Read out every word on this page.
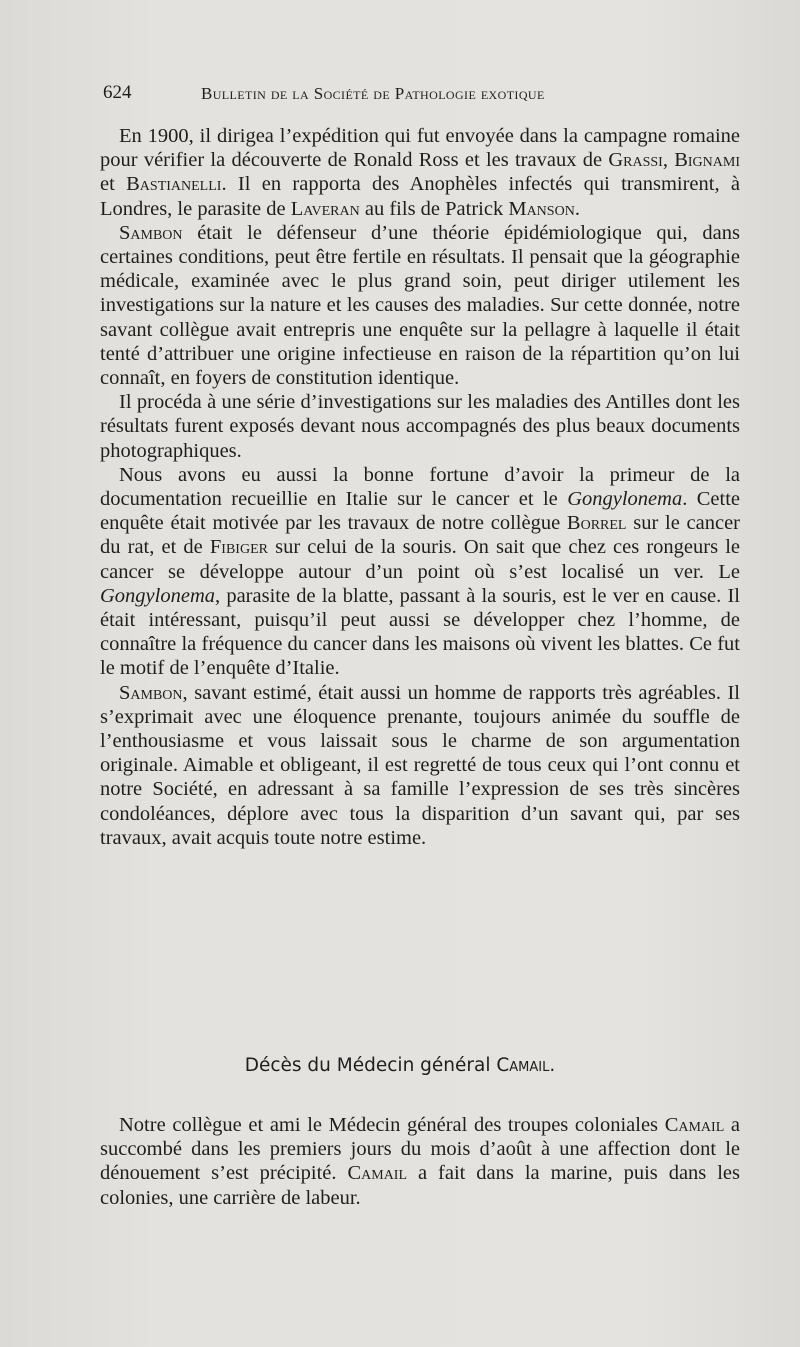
624	Bulletin de la Société de Pathologie exotique

En 1900, il dirigea l’expédition qui fut envoyée dans la campagne romaine pour vérifier la découverte de Ronald Ross et les travaux de Grassi, Bignami et Bastianelli. Il en rapporta des Anophèles infectés qui transmirent, à Londres, le parasite de Laveran au fils de Patrick Manson.

Sambon était le défenseur d’une théorie épidémiologique qui, dans certaines conditions, peut être fertile en résultats. Il pensait que la géographie médicale, examinée avec le plus grand soin, peut diriger utilement les investigations sur la nature et les causes des maladies. Sur cette donnée, notre savant collègue avait entrepris une enquête sur la pellagre à laquelle il était tenté d’attribuer une origine infectieuse en raison de la répartition qu’on lui connaît, en foyers de constitution identique.

Il procéda à une série d’investigations sur les maladies des Antilles dont les résultats furent exposés devant nous accompagnés des plus beaux documents photographiques.

Nous avons eu aussi la bonne fortune d’avoir la primeur de la documentation recueillie en Italie sur le cancer et le Gongylonema. Cette enquête était motivée par les travaux de notre collègue Borrel sur le cancer du rat, et de Fibiger sur celui de la souris. On sait que chez ces rongeurs le cancer se développe autour d’un point où s’est localisé un ver. Le Gongylonema, parasite de la blatte, passant à la souris, est le ver en cause. Il était intéressant, puisqu’il peut aussi se développer chez l’homme, de connaître la fréquence du cancer dans les maisons où vivent les blattes. Ce fut le motif de l’enquête d’Italie.

Sambon, savant estimé, était aussi un homme de rapports très agréables. Il s’exprimait avec une éloquence prenante, toujours animée du souffle de l’enthousiasme et vous laissait sous le charme de son argumentation originale. Aimable et obligeant, il est regretté de tous ceux qui l’ont connu et notre Société, en adressant à sa famille l’expression de ses très sincères condoléances, déplore avec tous la disparition d’un savant qui, par ses travaux, avait acquis toute notre estime.

Décès du Médecin général Camail.

Notre collègue et ami le Médecin général des troupes coloniales Camail a succombé dans les premiers jours du mois d’août à une affection dont le dénouement s’est précipité. Camail a fait dans la marine, puis dans les colonies, une carrière de labeur.
